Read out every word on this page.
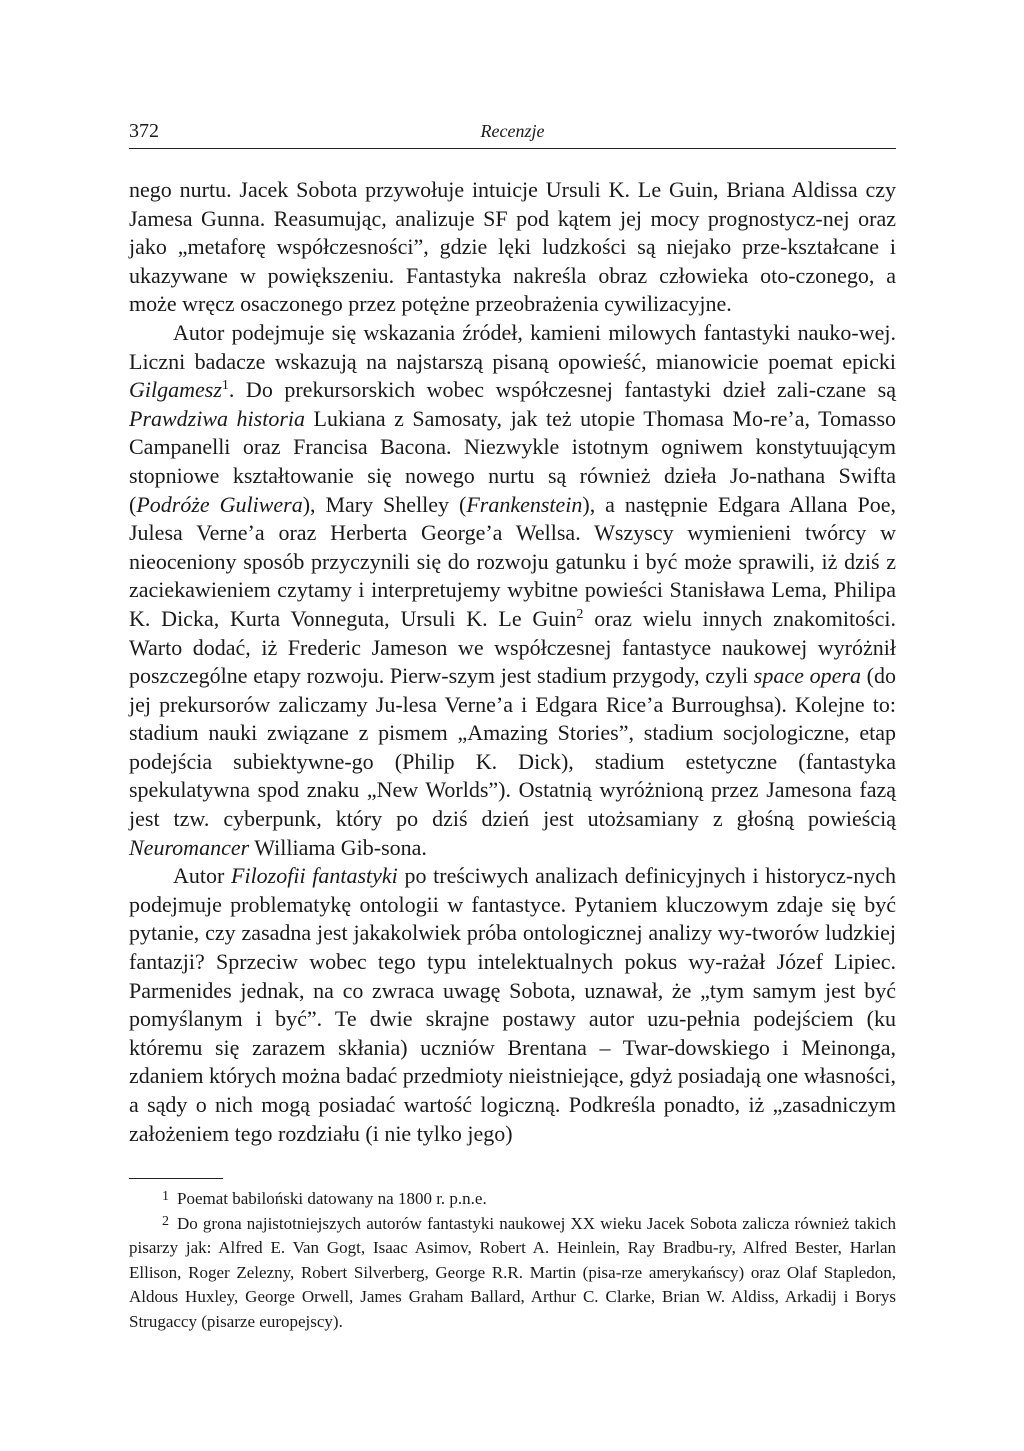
372	Recenzje

nego nurtu. Jacek Sobota przywołuje intuicje Ursuli K. Le Guin, Briana Aldissa czy Jamesa Gunna. Reasumując, analizuje SF pod kątem jej mocy prognostycz-nej oraz jako „metaforę współczesności”, gdzie lęki ludzkości są niejako prze-kształcane i ukazywane w powiększeniu. Fantastyka nakreśla obraz człowieka oto-czonego, a może wręcz osaczonego przez potężne przeobrażenia cywilizacyjne.

Autor podejmuje się wskazania źródeł, kamieni milowych fantastyki nauko-wej. Liczni badacze wskazują na najstarszą pisaną opowieść, mianowicie poemat epicki Gilgamesz$^1$. Do prekursorskich wobec współczesnej fantastyki dzieł zali-czane są Prawdziwa historia Lukiana z Samosaty, jak też utopie Thomasa Mo-re’a, Tomasso Campanelli oraz Francisa Bacona. Niezwykle istotnym ogniwem konstytuującym stopniowe kształtowanie się nowego nurtu są również dzieła Jo-nathana Swifta (Podróże Guliwera), Mary Shelley (Frankenstein), a następnie Edgara Allana Poe, Julesa Verne’a oraz Herberta George’a Wellsa. Wszyscy wymienieni twórcy w nieoceniony sposób przyczynili się do rozwoju gatunku i być może sprawili, iż dziś z zaciekawieniem czytamy i interpretujemy wybitne powieści Stanisława Lema, Philipa K. Dicka, Kurta Vonneguta, Ursuli K. Le Guin$^2$ oraz wielu innych znakomitości. Warto dodać, iż Frederic Jameson we współczesnej fantastyce naukowej wyróżnił poszczególne etapy rozwoju. Pierw-szym jest stadium przygody, czyli space opera (do jej prekursorów zaliczamy Ju-lesa Verne’a i Edgara Rice’a Burroughsa). Kolejne to: stadium nauki związane z pismem „Amazing Stories”, stadium socjologiczne, etap podejścia subiektywne-go (Philip K. Dick), stadium estetyczne (fantastyka spekulatywna spod znaku „New Worlds”). Ostatnią wyróżnioną przez Jamesona fazą jest tzw. cyberpunk, który po dziś dzień jest utożsamiany z głośną powieścią Neuromancer Williama Gib-sona.

Autor Filozofii fantastyki po treściwych analizach definicyjnych i historycz-nych podejmuje problematykę ontologii w fantastyce. Pytaniem kluczowym zdaje się być pytanie, czy zasadna jest jakakolwiek próba ontologicznej analizy wy-tworów ludzkiej fantazji? Sprzeciw wobec tego typu intelektualnych pokus wy-rażał Józef Lipiec. Parmenides jednak, na co zwraca uwagę Sobota, uznawał, że „tym samym jest być pomyślanym i być”. Te dwie skrajne postawy autor uzu-pełnia podejściem (ku któremu się zarazem skłania) uczniów Brentana – Twar-dowskiego i Meinonga, zdaniem których można badać przedmioty nieistniejące, gdyż posiadają one własności, a sądy o nich mogą posiadać wartość logiczną. Podkreśla ponadto, iż „zasadniczym założeniem tego rozdziału (i nie tylko jego)

$^1$ Poemat babiloński datowany na 1800 r. p.n.e.

$^2$ Do grona najistotniejszych autorów fantastyki naukowej XX wieku Jacek Sobota zalicza również takich pisarzy jak: Alfred E. Van Gogt, Isaac Asimov, Robert A. Heinlein, Ray Bradbu-ry, Alfred Bester, Harlan Ellison, Roger Zelezny, Robert Silverberg, George R.R. Martin (pisa-rze amerykańscy) oraz Olaf Stapledon, Aldous Huxley, George Orwell, James Graham Ballard, Arthur C. Clarke, Brian W. Aldiss, Arkadij i Borys Strugaccy (pisarze europejscy).
